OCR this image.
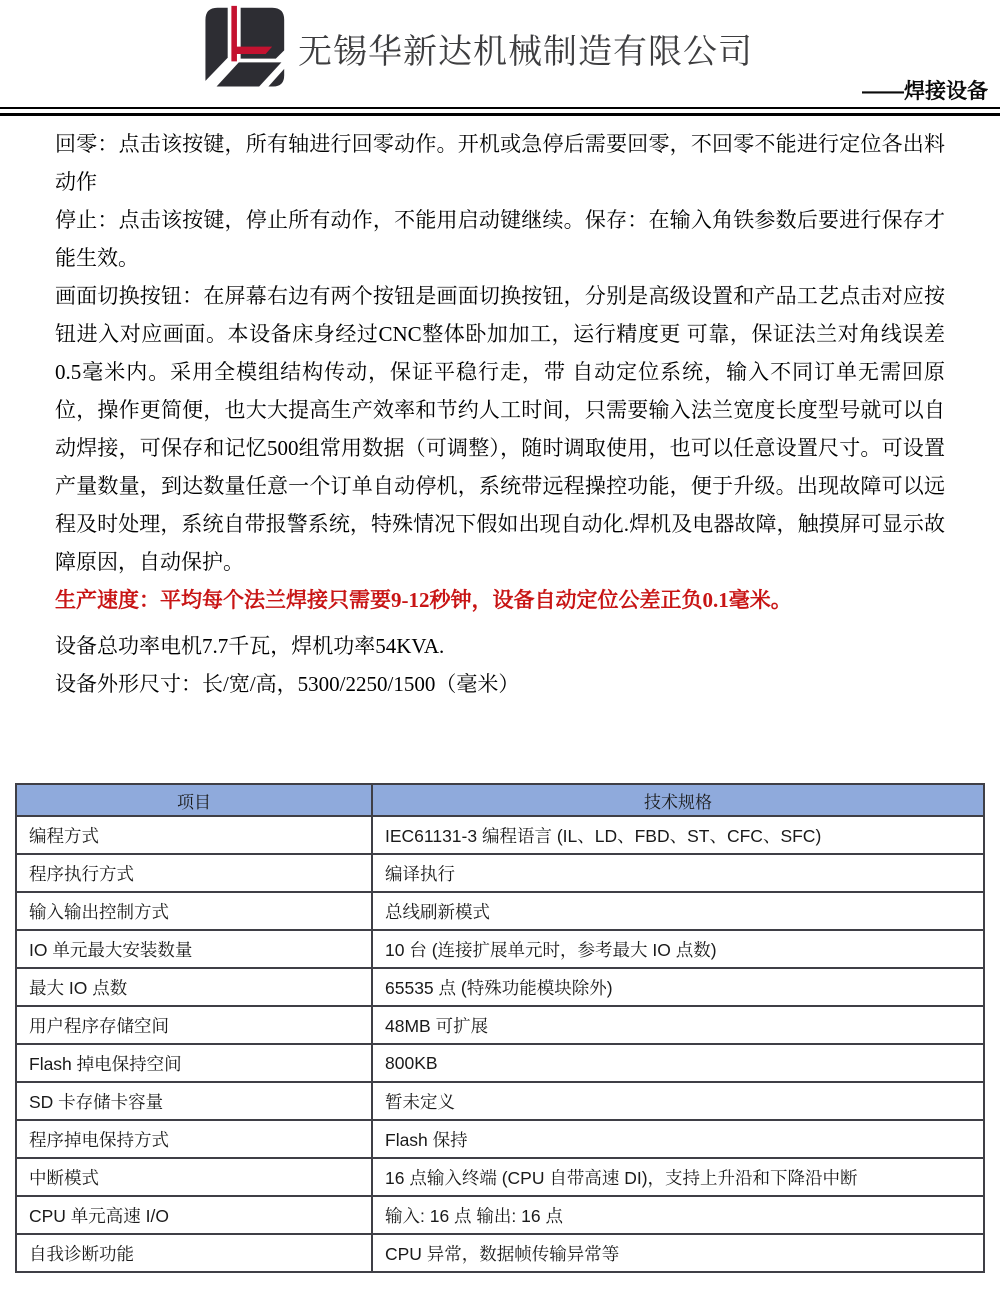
无锡华新达机械制造有限公司
——焊接设备

回零：点击该按键，所有轴进行回零动作。开机或急停后需要回零，不回零不能进行定位各出料动作

停止：点击该按键，停止所有动作，不能用启动键继续。保存：在输入角铁参数后要进行保存才能生效。

画面切换按钮：在屏幕右边有两个按钮是画面切换按钮，分别是高级设置和产品工艺点击对应按钮进入对应画面。本设备床身经过CNC整体卧加加工，运行精度更 可靠，保证法兰对角线误差0.5毫米内。采用全模组结构传动，保证平稳行走，带 自动定位系统，输入不同订单无需回原位，操作更简便，也大大提高生产效率和节约人工时间，只需要输入法兰宽度长度型号就可以自动焊接，可保存和记忆500组常用数据（可调整），随时调取使用，也可以任意设置尺寸。可设置产量数量，到达数量任意一个订单自动停机，系统带远程操控功能，便于升级。出现故障可以远程及时处理，系统自带报警系统，特殊情况下假如出现自动化.焊机及电器故障，触摸屏可显示故障原因，自动保护。

生产速度：平均每个法兰焊接只需要9-12秒钟，设备自动定位公差正负0.1毫米。

设备总功率电机7.7千瓦，焊机功率54KVA.

设备外形尺寸：长/宽/高，5300/2250/1500（毫米）

项目	技术规格
编程方式	IEC61131-3 编程语言 (IL、LD、FBD、ST、CFC、SFC)
程序执行方式	编译执行
输入输出控制方式	总线刷新模式
IO 单元最大安装数量	10 台 (连接扩展单元时，参考最大 IO 点数)
最大 IO 点数	65535 点 (特殊功能模块除外)
用户程序存储空间	48MB 可扩展
Flash 掉电保持空间	800KB
SD 卡存储卡容量	暂未定义
程序掉电保持方式	Flash 保持
中断模式	16 点输入终端 (CPU 自带高速 DI)，支持上升沿和下降沿中断
CPU 单元高速 I/O	输入: 16 点 输出: 16 点
自我诊断功能	CPU 异常，数据帧传输异常等
